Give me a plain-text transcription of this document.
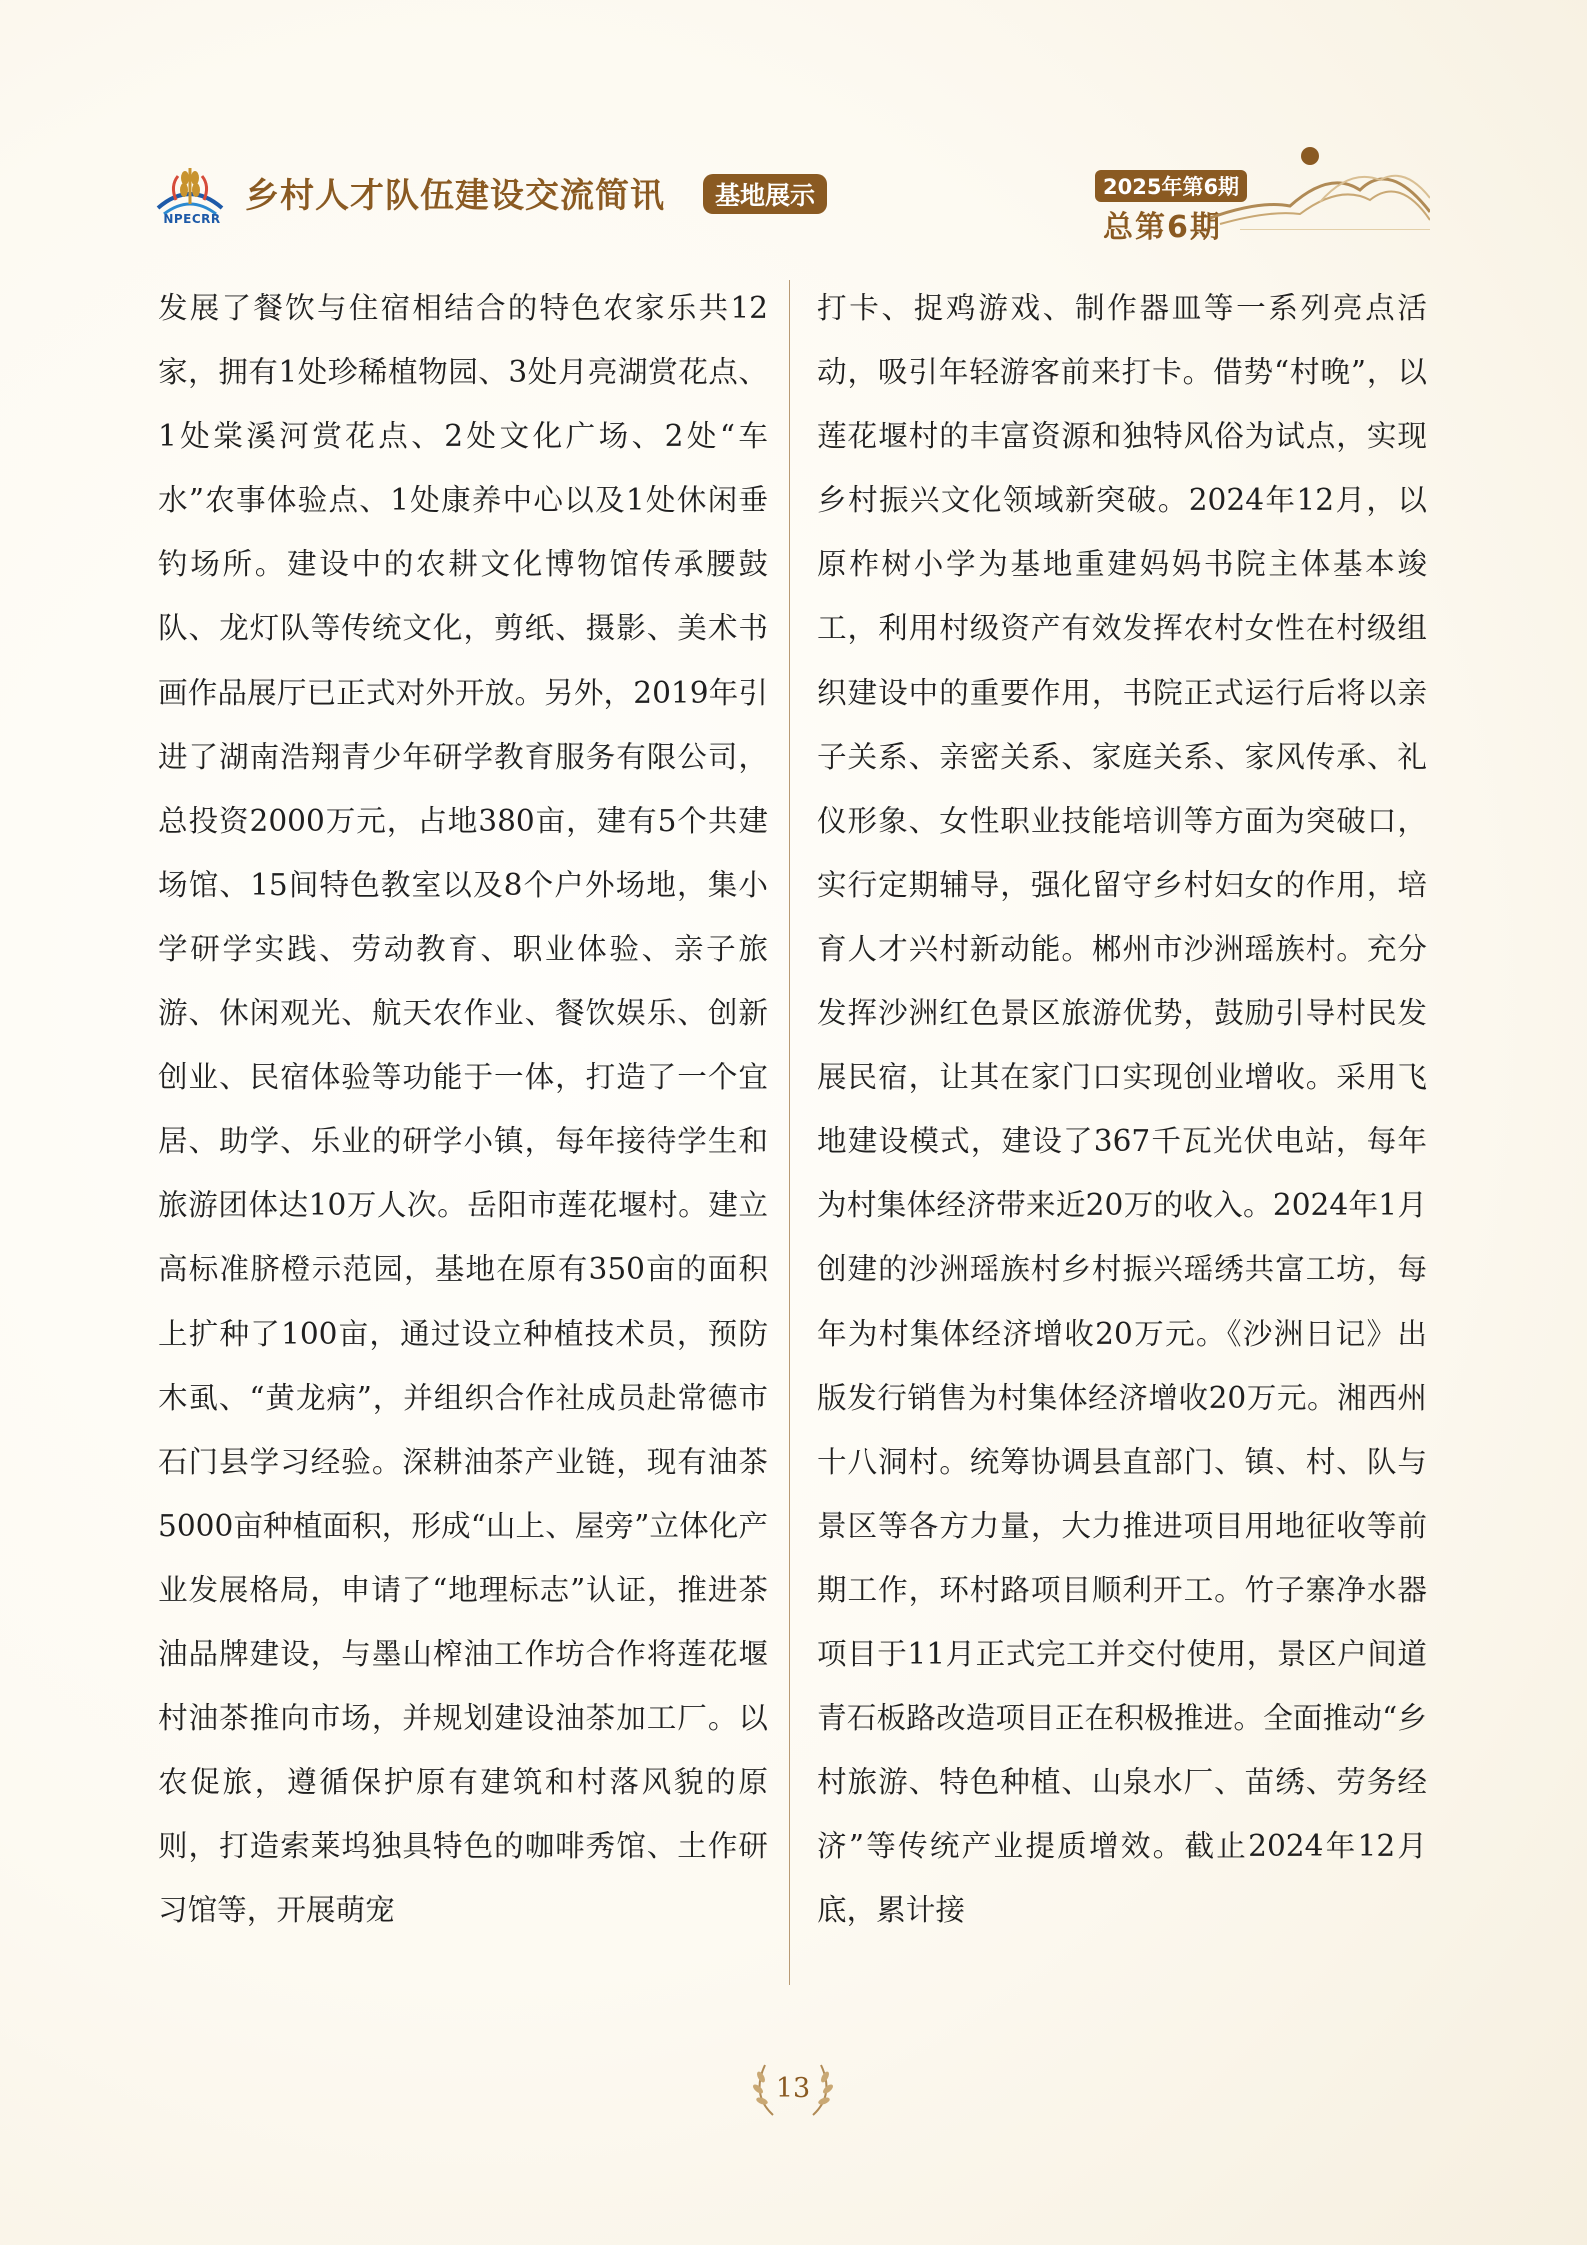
NPECRR
乡村人才队伍建设交流简讯	基地展示	2025年第6期
总第6期

发展了餐饮与住宿相结合的特色农家乐共12家，拥有1处珍稀植物园、3处月亮湖赏花点、1处棠溪河赏花点、2处文化广场、2处“车水”农事体验点、1处康养中心以及1处休闲垂钓场所。建设中的农耕文化博物馆传承腰鼓队、龙灯队等传统文化，剪纸、摄影、美术书画作品展厅已正式对外开放。另外，2019年引进了湖南浩翔青少年研学教育服务有限公司，总投资2000万元，占地380亩，建有5个共建场馆、15间特色教室以及8个户外场地，集小学研学实践、劳动教育、职业体验、亲子旅游、休闲观光、航天农作业、餐饮娱乐、创新创业、民宿体验等功能于一体，打造了一个宜居、助学、乐业的研学小镇，每年接待学生和旅游团体达10万人次。岳阳市莲花堰村。建立高标准脐橙示范园，基地在原有350亩的面积上扩种了100亩，通过设立种植技术员，预防木虱、“黄龙病”，并组织合作社成员赴常德市石门县学习经验。深耕油茶产业链，现有油茶5000亩种植面积，形成“山上、屋旁”立体化产业发展格局，申请了“地理标志”认证，推进茶油品牌建设，与墨山榨油工作坊合作将莲花堰村油茶推向市场，并规划建设油茶加工厂。以农促旅，遵循保护原有建筑和村落风貌的原则，打造索莱坞独具特色的咖啡秀馆、土作研习馆等，开展萌宠

打卡、捉鸡游戏、制作器皿等一系列亮点活动，吸引年轻游客前来打卡。借势“村晚”，以莲花堰村的丰富资源和独特风俗为试点，实现乡村振兴文化领域新突破。2024年12月，以原柞树小学为基地重建妈妈书院主体基本竣工，利用村级资产有效发挥农村女性在村级组织建设中的重要作用，书院正式运行后将以亲子关系、亲密关系、家庭关系、家风传承、礼仪形象、女性职业技能培训等方面为突破口，实行定期辅导，强化留守乡村妇女的作用，培育人才兴村新动能。郴州市沙洲瑶族村。充分发挥沙洲红色景区旅游优势，鼓励引导村民发展民宿，让其在家门口实现创业增收。采用飞地建设模式，建设了367千瓦光伏电站，每年为村集体经济带来近20万的收入。2024年1月创建的沙洲瑶族村乡村振兴瑶绣共富工坊，每年为村集体经济增收20万元。《沙洲日记》出版发行销售为村集体经济增收20万元。湘西州十八洞村。统筹协调县直部门、镇、村、队与景区等各方力量，大力推进项目用地征收等前期工作，环村路项目顺利开工。竹子寨净水器项目于11月正式完工并交付使用，景区户间道青石板路改造项目正在积极推进。全面推动“乡村旅游、特色种植、山泉水厂、苗绣、劳务经济”等传统产业提质增效。截止2024年12月底，累计接

13
